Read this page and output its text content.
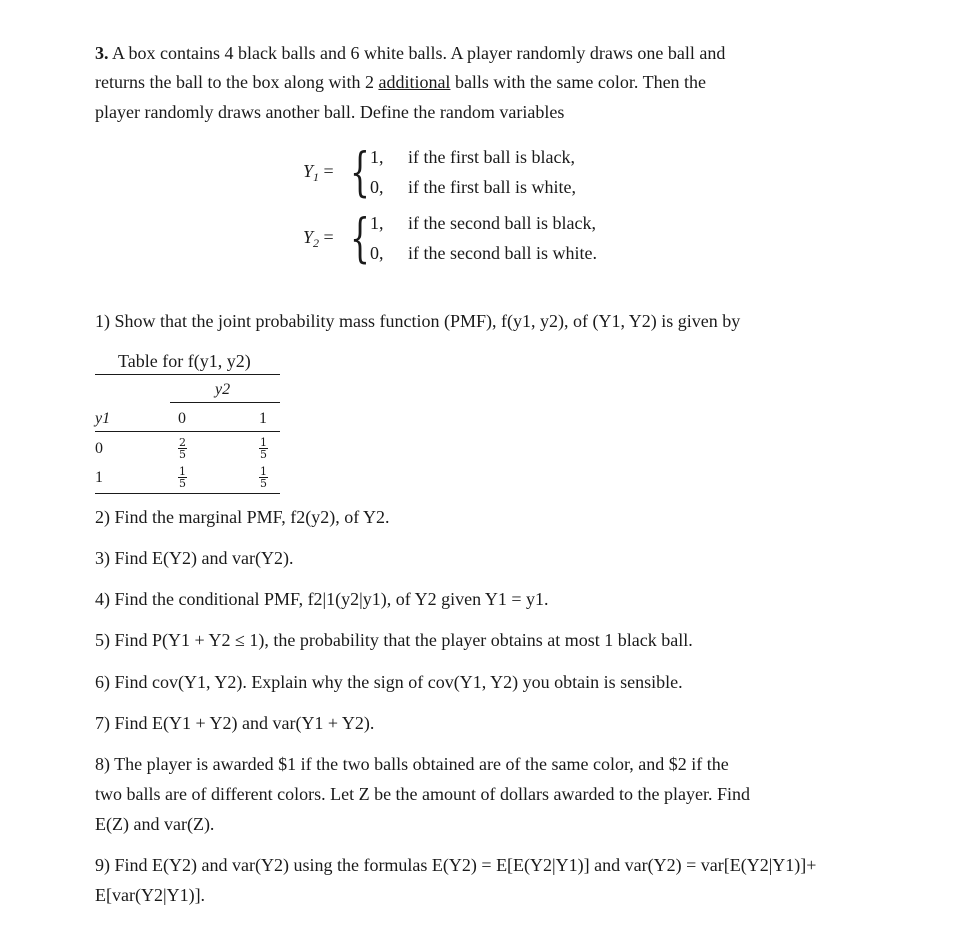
3. A box contains 4 black balls and 6 white balls. A player randomly draws one ball and
returns the ball to the box along with 2 additional balls with the same color. Then the
player randomly draws another ball. Define the random variables
$Y_1$ = { 1, if the first ball is black,
0, if the first ball is white,
$Y_2$ = { 1, if the second ball is black,
0, if the second ball is white.
1) Show that the joint probability mass function (PMF), f(y1, y2), of (Y1, Y2) is given by
Table for f(y1, y2)
y2
y1	0	1
0	$\frac{2}{5}$	$\frac{1}{5}$
1	$\frac{1}{5}$	$\frac{1}{5}$
2) Find the marginal PMF, f2(y2), of Y2.
3) Find E(Y2) and var(Y2).
4) Find the conditional PMF, f2|1(y2|y1), of Y2 given Y1 = y1.
5) Find P(Y1 + Y2 ≤ 1), the probability that the player obtains at most 1 black ball.
6) Find cov(Y1, Y2). Explain why the sign of cov(Y1, Y2) you obtain is sensible.
7) Find E(Y1 + Y2) and var(Y1 + Y2).
8) The player is awarded $1 if the two balls obtained are of the same color, and $2 if the
two balls are of different colors. Let Z be the amount of dollars awarded to the player. Find
E(Z) and var(Z).
9) Find E(Y2) and var(Y2) using the formulas E(Y2) = E[E(Y2|Y1)] and var(Y2) = var[E(Y2|Y1)]+
E[var(Y2|Y1)].
